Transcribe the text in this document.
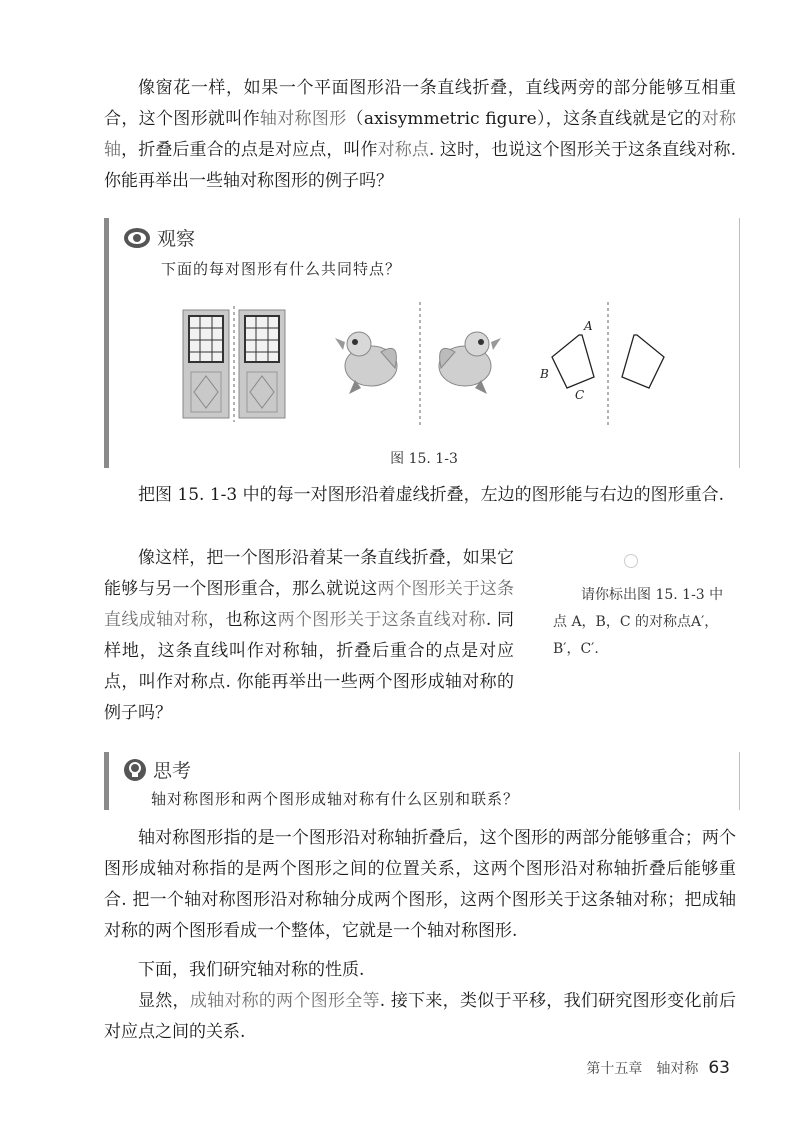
像窗花一样，如果一个平面图形沿一条直线折叠，直线两旁的部分能够互相重合，这个图形就叫作轴对称图形（axisymmetric figure），这条直线就是它的对称轴，折叠后重合的点是对应点，叫作对称点. 这时，也说这个图形关于这条直线对称. 你能再举出一些轴对称图形的例子吗？

观察
下面的每对图形有什么共同特点？
A
B
C
图 15. 1-3

把图 15. 1-3 中的每一对图形沿着虚线折叠，左边的图形能与右边的图形重合.

像这样，把一个图形沿着某一条直线折叠，如果它能够与另一个图形重合，那么就说这两个图形关于这条直线成轴对称，也称这两个图形关于这条直线对称. 同样地，这条直线叫作对称轴，折叠后重合的点是对应点，叫作对称点. 你能再举出一些两个图形成轴对称的例子吗？

请你标出图 15. 1-3 中点 A，B，C 的对称点A′，B′，C′.
思考
轴对称图形和两个图形成轴对称有什么区别和联系？

轴对称图形指的是一个图形沿对称轴折叠后，这个图形的两部分能够重合；两个图形成轴对称指的是两个图形之间的位置关系，这两个图形沿对称轴折叠后能够重合. 把一个轴对称图形沿对称轴分成两个图形，这两个图形关于这条轴对称；把成轴对称的两个图形看成一个整体，它就是一个轴对称图形.

下面，我们研究轴对称的性质.

显然，成轴对称的两个图形全等. 接下来，类似于平移，我们研究图形变化前后对应点之间的关系.

第十五章　轴对称 63
